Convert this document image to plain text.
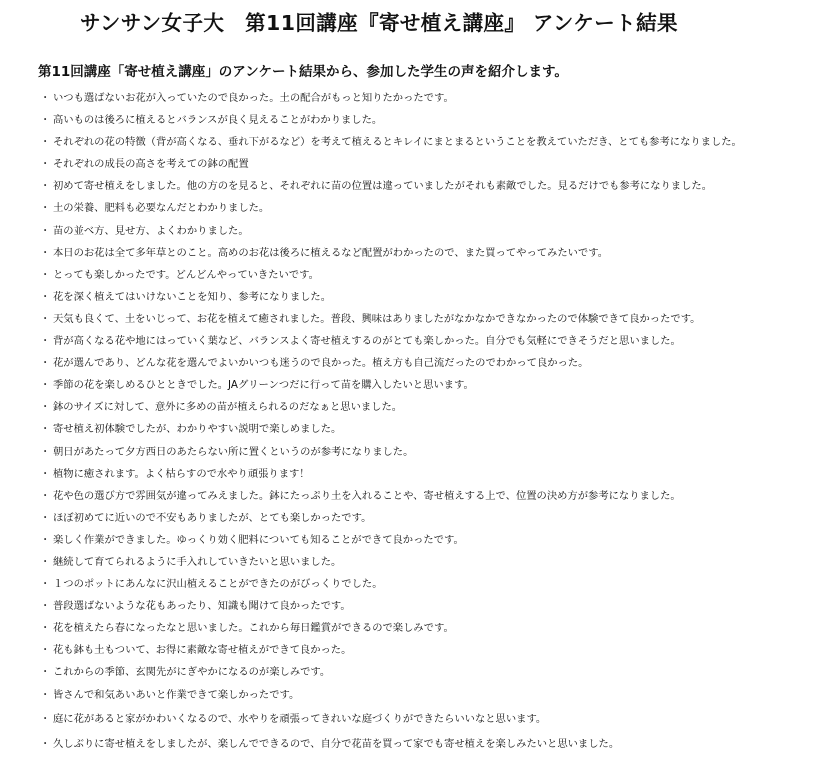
サンサン女子大　第11回講座『寄せ植え講座』 アンケート結果
第11回講座「寄せ植え講座」のアンケート結果から、参加した学生の声を紹介します。
・ いつも選ばないお花が入っていたので良かった。土の配合がもっと知りたかったです。
・ 高いものは後ろに植えるとバランスが良く見えることがわかりました。
・ それぞれの花の特徴（背が高くなる、垂れ下がるなど）を考えて植えるとキレイにまとまるということを教えていただき、とても参考になりました。
・ それぞれの成長の高さを考えての鉢の配置
・ 初めて寄せ植えをしました。他の方のを見ると、それぞれに苗の位置は違っていましたがそれも素敵でした。見るだけでも参考になりました。
・ 土の栄養、肥料も必要なんだとわかりました。
・ 苗の並べ方、見せ方、よくわかりました。
・ 本日のお花は全て多年草とのこと。高めのお花は後ろに植えるなど配置がわかったので、また買ってやってみたいです。
・ とっても楽しかったです。どんどんやっていきたいです。
・ 花を深く植えてはいけないことを知り、参考になりました。
・ 天気も良くて、土をいじって、お花を植えて癒されました。普段、興味はありましたがなかなかできなかったので体験できて良かったです。
・ 背が高くなる花や地にはっていく葉など、バランスよく寄せ植えするのがとても楽しかった。自分でも気軽にできそうだと思いました。
・ 花が選んであり、どんな花を選んでよいかいつも迷うので良かった。植え方も自己流だったのでわかって良かった。
・ 季節の花を楽しめるひとときでした。JAグリーンつだに行って苗を購入したいと思います。
・ 鉢のサイズに対して、意外に多めの苗が植えられるのだなぁと思いました。
・ 寄せ植え初体験でしたが、わかりやすい説明で楽しめました。
・ 朝日があたって夕方西日のあたらない所に置くというのが参考になりました。
・ 植物に癒されます。よく枯らすので水やり頑張ります！
・ 花や色の選び方で雰囲気が違ってみえました。鉢にたっぷり土を入れることや、寄せ植えする上で、位置の決め方が参考になりました。
・ ほぼ初めてに近いので不安もありましたが、とても楽しかったです。
・ 楽しく作業ができました。ゆっくり効く肥料についても知ることができて良かったです。
・ 継続して育てられるように手入れしていきたいと思いました。
・ １つのポットにあんなに沢山植えることができたのがびっくりでした。
・ 普段選ばないような花もあったり、知識も聞けて良かったです。
・ 花を植えたら春になったなと思いました。これから毎日鑑賞ができるので楽しみです。
・ 花も鉢も土もついて、お得に素敵な寄せ植えができて良かった。
・ これからの季節、玄関先がにぎやかになるのが楽しみです。
・ 皆さんで和気あいあいと作業できて楽しかったです。
・ 庭に花があると家がかわいくなるので、水やりを頑張ってきれいな庭づくりができたらいいなと思います。
・ 久しぶりに寄せ植えをしましたが、楽しんでできるので、自分で花苗を買って家でも寄せ植えを楽しみたいと思いました。
